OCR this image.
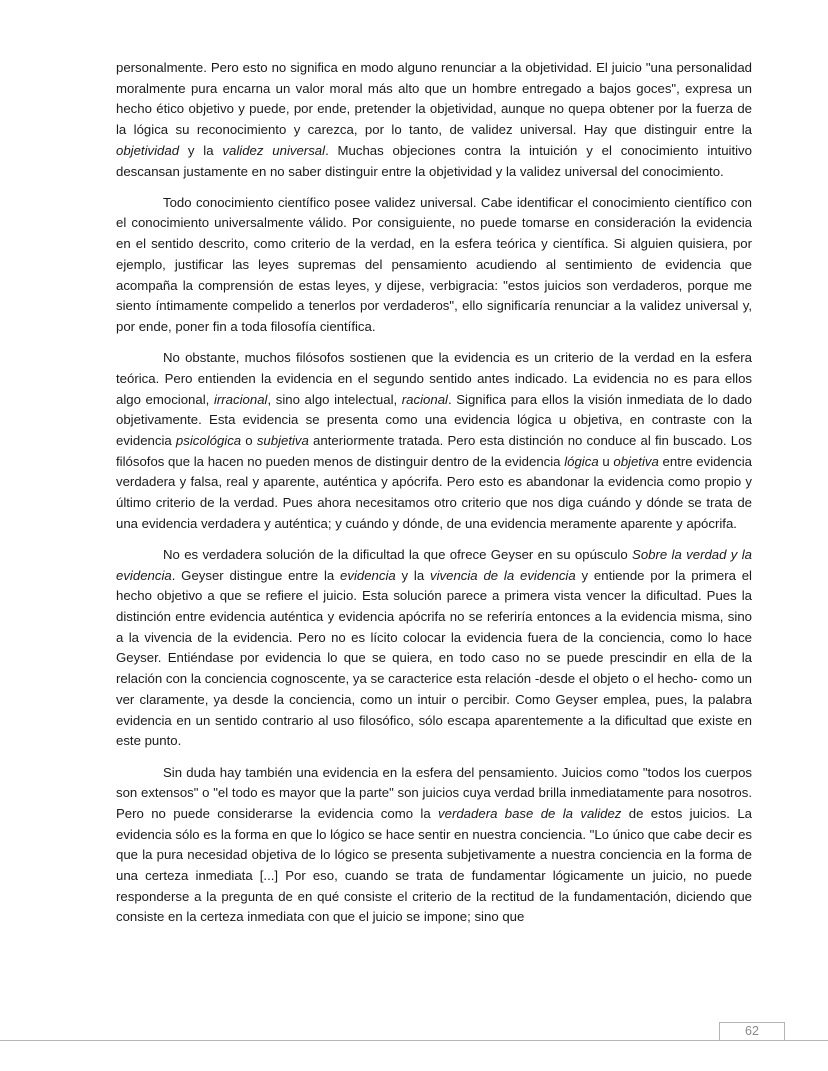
personalmente. Pero esto no significa en modo alguno renunciar a la objetividad. El juicio "una personalidad moralmente pura encarna un valor moral más alto que un hombre entregado a bajos goces", expresa un hecho ético objetivo y puede, por ende, pretender la objetividad, aunque no quepa obtener por la fuerza de la lógica su reconocimiento y carezca, por lo tanto, de validez universal. Hay que distinguir entre la objetividad y la validez universal. Muchas objeciones contra la intuición y el conocimiento intuitivo descansan justamente en no saber distinguir entre la objetividad y la validez universal del conocimiento.

Todo conocimiento científico posee validez universal. Cabe identificar el conocimiento científico con el conocimiento universalmente válido. Por consiguiente, no puede tomarse en consideración la evidencia en el sentido descrito, como criterio de la verdad, en la esfera teórica y científica. Si alguien quisiera, por ejemplo, justificar las leyes supremas del pensamiento acudiendo al sentimiento de evidencia que acompaña la comprensión de estas leyes, y dijese, verbigracia: "estos juicios son verdaderos, porque me siento íntimamente compelido a tenerlos por verdaderos", ello significaría renunciar a la validez universal y, por ende, poner fin a toda filosofía científica.

No obstante, muchos filósofos sostienen que la evidencia es un criterio de la verdad en la esfera teórica. Pero entienden la evidencia en el segundo sentido antes indicado. La evidencia no es para ellos algo emocional, irracional, sino algo intelectual, racional. Significa para ellos la visión inmediata de lo dado objetivamente. Esta evidencia se presenta como una evidencia lógica u objetiva, en contraste con la evidencia psicológica o subjetiva anteriormente tratada. Pero esta distinción no conduce al fin buscado. Los filósofos que la hacen no pueden menos de distinguir dentro de la evidencia lógica u objetiva entre evidencia verdadera y falsa, real y aparente, auténtica y apócrifa. Pero esto es abandonar la evidencia como propio y último criterio de la verdad. Pues ahora necesitamos otro criterio que nos diga cuándo y dónde se trata de una evidencia verdadera y auténtica; y cuándo y dónde, de una evidencia meramente aparente y apócrifa.

No es verdadera solución de la dificultad la que ofrece Geyser en su opúsculo Sobre la verdad y la evidencia. Geyser distingue entre la evidencia y la vivencia de la evidencia y entiende por la primera el hecho objetivo a que se refiere el juicio. Esta solución parece a primera vista vencer la dificultad. Pues la distinción entre evidencia auténtica y evidencia apócrifa no se referiría entonces a la evidencia misma, sino a la vivencia de la evidencia. Pero no es lícito colocar la evidencia fuera de la conciencia, como lo hace Geyser. Entiéndase por evidencia lo que se quiera, en todo caso no se puede prescindir en ella de la relación con la conciencia cognoscente, ya se caracterice esta relación -desde el objeto o el hecho- como un ver claramente, ya desde la conciencia, como un intuir o percibir. Como Geyser emplea, pues, la palabra evidencia en un sentido contrario al uso filosófico, sólo escapa aparentemente a la dificultad que existe en este punto.

Sin duda hay también una evidencia en la esfera del pensamiento. Juicios como "todos los cuerpos son extensos" o "el todo es mayor que la parte" son juicios cuya verdad brilla inmediatamente para nosotros. Pero no puede considerarse la evidencia como la verdadera base de la validez de estos juicios. La evidencia sólo es la forma en que lo lógico se hace sentir en nuestra conciencia. "Lo único que cabe decir es que la pura necesidad objetiva de lo lógico se presenta subjetivamente a nuestra conciencia en la forma de una certeza inmediata [...] Por eso, cuando se trata de fundamentar lógicamente un juicio, no puede responderse a la pregunta de en qué consiste el criterio de la rectitud de la fundamentación, diciendo que consiste en la certeza inmediata con que el juicio se impone; sino que

62
